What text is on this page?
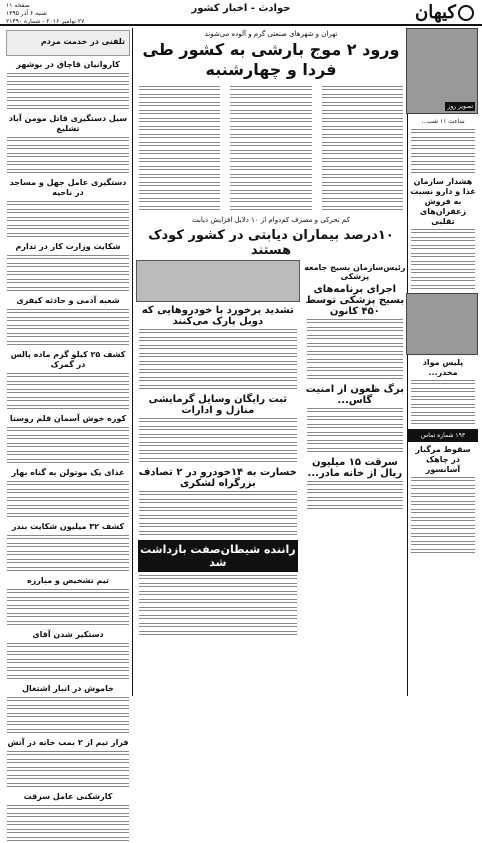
کیهان
حوادث - اخبار کشور
صفحه ۱۱
شنبه ۶ آذر ۱۳۹۵
۲۷ نوامبر ۲۰۱۶ - شماره ۲۱۴۹۰
تلفنی در خدمت مردم
کاروانیان قاچاق در بوشهر
سیل دستگیری قاتل مومن آباد تشلیغ
دستگیری عامل جهل و مساجد در ناحیه
شکایت وزارت کار در تدارم
شعبه آدمی و حادثه کیفری
کشف ۲۵ کیلو گرم ماده پالس در گمرک
کوزه خوش آسمان قلم روستا
غذای یک موتولن به گناه بهار
کشف ۳۲ میلیون شکایت بندر
تیم تشخیص و مبارزه
دستکیر شدن آقای
خاموش در انبار اشتغال
فرار تیم از ۲ بمب خانه در آتش
کارشکنی عامل سرقت
تهران و شهرهای صنعتی گرم و آلوده می‌شوند
ورود ۲ موج بارشی به کشور طی فردا و چهارشنبه
کم تحرکی و مصرف کم‌دوام از ۱۰ دلایل افزایش دیابت
۱۰درصد بیماران دیابتی در کشور کودک هستند
رئیس‌سازمان بسیج جامعه پزشکی
اجرای برنامه‌های بسیج پزشکی توسط ۴۵۰ کانون
برگ ظعون از امنیت گاس...
سرقت ۱۵ میلیون ریال از خانه مادر...
تشدید برخورد با خودروهایی که دوبل پارک می‌کنند
ثبت رایگان وسایل گرمایشی منازل و ادارات
خسارت به ۱۴خودرو در ۲ تصادف بزرگراه لشکری
راننده شیطان‌صفت بازداشت شد
تصویر روز
ساعت ۱۱ شب...
هشدار سازمان غذا و دارو نسبت به فروش زعفران‌های تقلبی
پلیس مواد مخدر...
۱۹۳ شماره تماس
سقوط مرگبار در چاهک آسانسور
